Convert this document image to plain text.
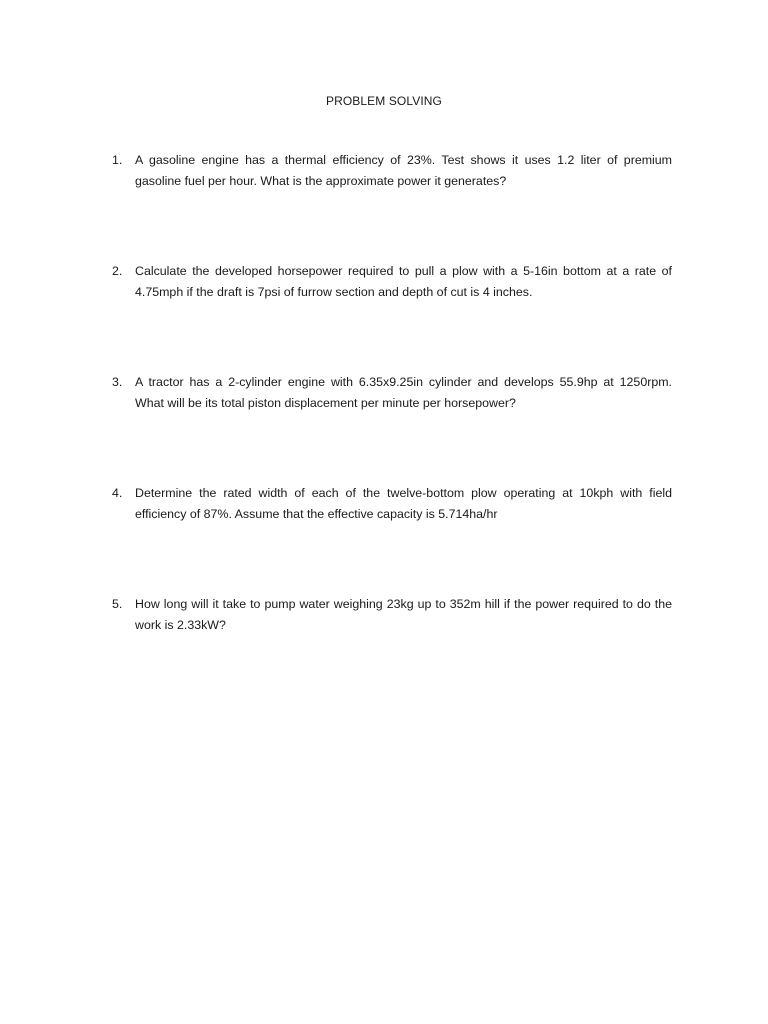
PROBLEM SOLVING
1.	A gasoline engine has a thermal efficiency of 23%. Test shows it uses 1.2 liter of premium gasoline fuel per hour. What is the approximate power it generates?
2.	Calculate the developed horsepower required to pull a plow with a 5-16in bottom at a rate of 4.75mph if the draft is 7psi of furrow section and depth of cut is 4 inches.
3.	A tractor has a 2-cylinder engine with 6.35x9.25in cylinder and develops 55.9hp at 1250rpm. What will be its total piston displacement per minute per horsepower?
4.	Determine the rated width of each of the twelve-bottom plow operating at 10kph with field efficiency of 87%. Assume that the effective capacity is 5.714ha/hr
5.	How long will it take to pump water weighing 23kg up to 352m hill if the power required to do the work is 2.33kW?
